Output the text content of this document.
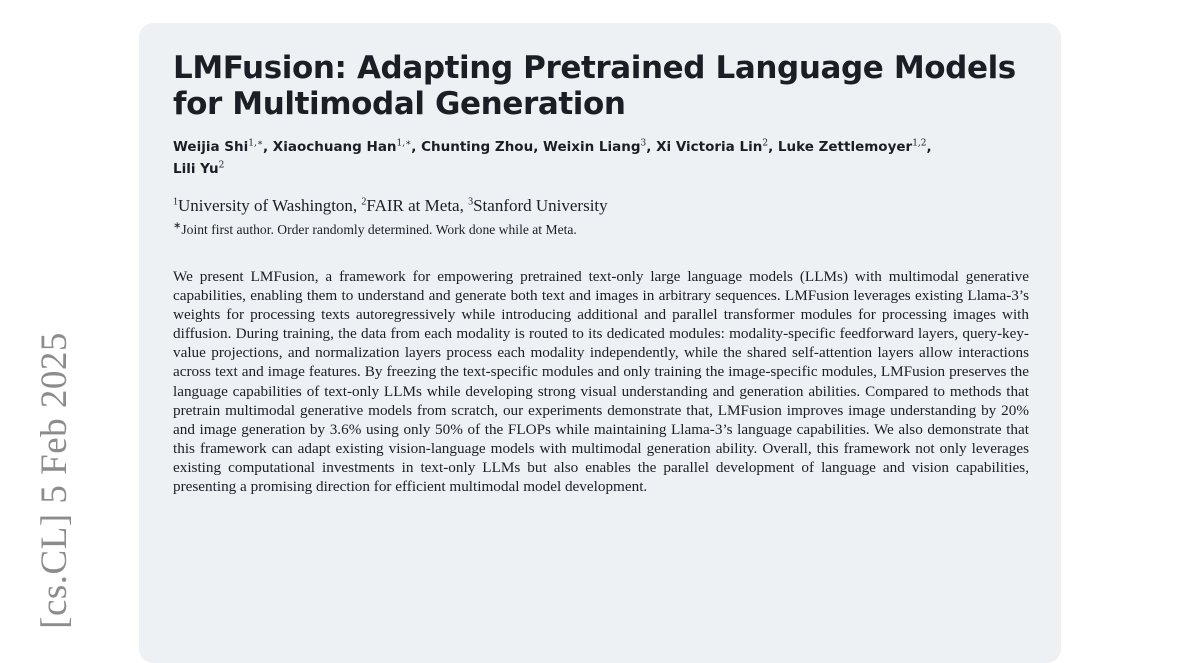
[cs.CL] 5 Feb 2025
LMFusion: Adapting Pretrained Language Models for Multimodal Generation

Weijia Shi$^{1,∗}$, Xiaochuang Han$^{1,∗}$, Chunting Zhou, Weixin Liang$^3$, Xi Victoria Lin$^2$, Luke Zettlemoyer$^{1,2}$,
Lili Yu$^2$

$^1$University of Washington, $^2$FAIR at Meta, $^3$Stanford University

∗Joint first author. Order randomly determined. Work done while at Meta.

We present LMFusion, a framework for empowering pretrained text-only large language models (LLMs) with multimodal generative capabilities, enabling them to understand and generate both text and images in arbitrary sequences. LMFusion leverages existing Llama-3’s weights for processing texts autoregressively while introducing additional and parallel transformer modules for processing images with diffusion. During training, the data from each modality is routed to its dedicated modules: modality-specific feedforward layers, query-key-value projections, and normalization layers process each modality independently, while the shared self-attention layers allow interactions across text and image features. By freezing the text-specific modules and only training the image-specific modules, LMFusion preserves the language capabilities of text-only LLMs while developing strong visual understanding and generation abilities. Compared to methods that pretrain multimodal generative models from scratch, our experiments demonstrate that, LMFusion improves image understanding by 20% and image generation by 3.6% using only 50% of the FLOPs while maintaining Llama-3’s language capabilities. We also demonstrate that this framework can adapt existing vision-language models with multimodal generation ability. Overall, this framework not only leverages existing computational investments in text-only LLMs but also enables the parallel development of language and vision capabilities, presenting a promising direction for efficient multimodal model development.
